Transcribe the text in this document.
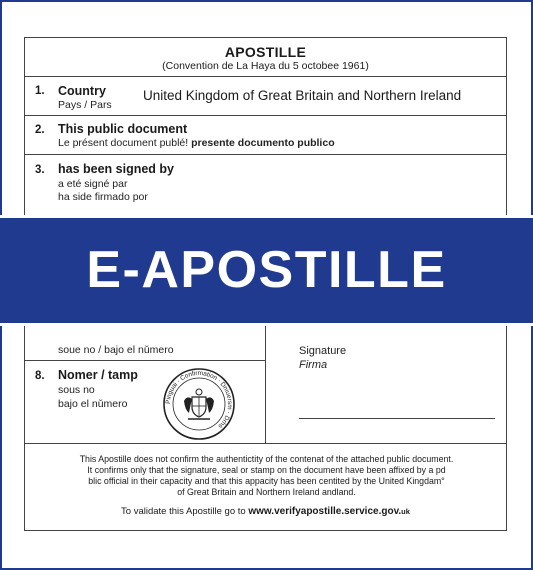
APOSTILLE
(Convention de La Haya du 5 octobee 1961)
1. Country
Pays / Pars
United Kingdom of Great Britain and Northern Ireland
2. This public document
Le présent document publé! presente documento publico
3. has been signed by
a eté signé par
ha side firmado por
E-APOSTILLE
soue no / bajo el nǔmero
8. Nomer / tamp
sous no
bajo el nǔmero	Pinguai · Confirmation · Dniuersm · Drhs
Signature
Firma
This Apostille does not confirm the authentictity of the contenat of the attached public document.
It confirms only that the signature, seal or stamp on the document have been affixed by a pd
blic official in their capacity and that this appacity has been centited by the United Kingdam°
of Great Britain and Northern Ireland andland.
To validate this Apostille go to www.verifyapostille.service.gov.uk
